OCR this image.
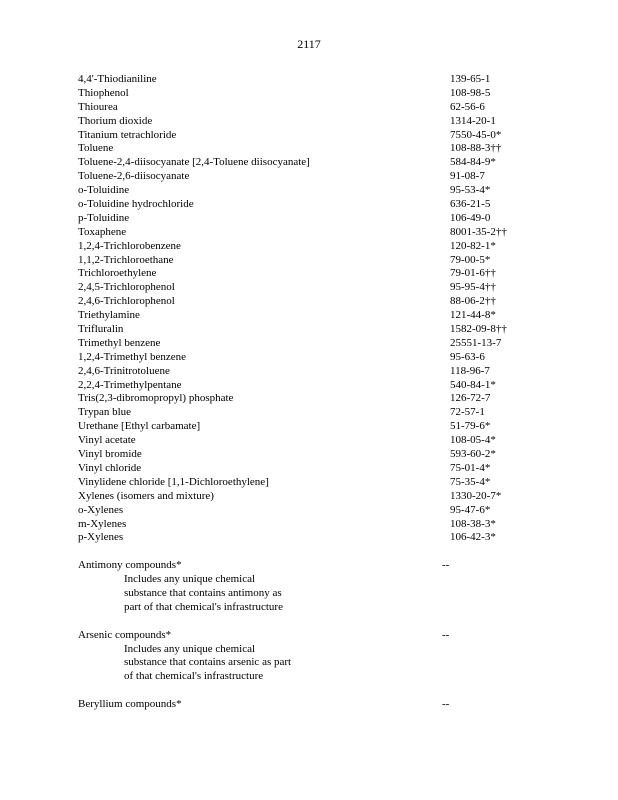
2117
4,4'-Thiodianiline	139-65-1
Thiophenol	108-98-5
Thiourea	62-56-6
Thorium dioxide	1314-20-1
Titanium tetrachloride	7550-45-0*
Toluene	108-88-3††
Toluene-2,4-diisocyanate [2,4-Toluene diisocyanate]	584-84-9*
Toluene-2,6-diisocyanate	91-08-7
o-Toluidine	95-53-4*
o-Toluidine hydrochloride	636-21-5
p-Toluidine	106-49-0
Toxaphene	8001-35-2††
1,2,4-Trichlorobenzene	120-82-1*
1,1,2-Trichloroethane	79-00-5*
Trichloroethylene	79-01-6††
2,4,5-Trichlorophenol	95-95-4††
2,4,6-Trichlorophenol	88-06-2††
Triethylamine	121-44-8*
Trifluralin	1582-09-8††
Trimethyl benzene	25551-13-7
1,2,4-Trimethyl benzene	95-63-6
2,4,6-Trinitrotoluene	118-96-7
2,2,4-Trimethylpentane	540-84-1*
Tris(2,3-dibromopropyl) phosphate	126-72-7
Trypan blue	72-57-1
Urethane [Ethyl carbamate]	51-79-6*
Vinyl acetate	108-05-4*
Vinyl bromide	593-60-2*
Vinyl chloride	75-01-4*
Vinylidene chloride [1,1-Dichloroethylene]	75-35-4*
Xylenes (isomers and mixture)	1330-20-7*
o-Xylenes	95-47-6*
m-Xylenes	108-38-3*
p-Xylenes	106-42-3*
Antimony compounds*	--
Includes any unique chemical
substance that contains antimony as
part of that chemical's infrastructure
Arsenic compounds*	--
Includes any unique chemical
substance that contains arsenic as part
of that chemical's infrastructure
Beryllium compounds*	--
